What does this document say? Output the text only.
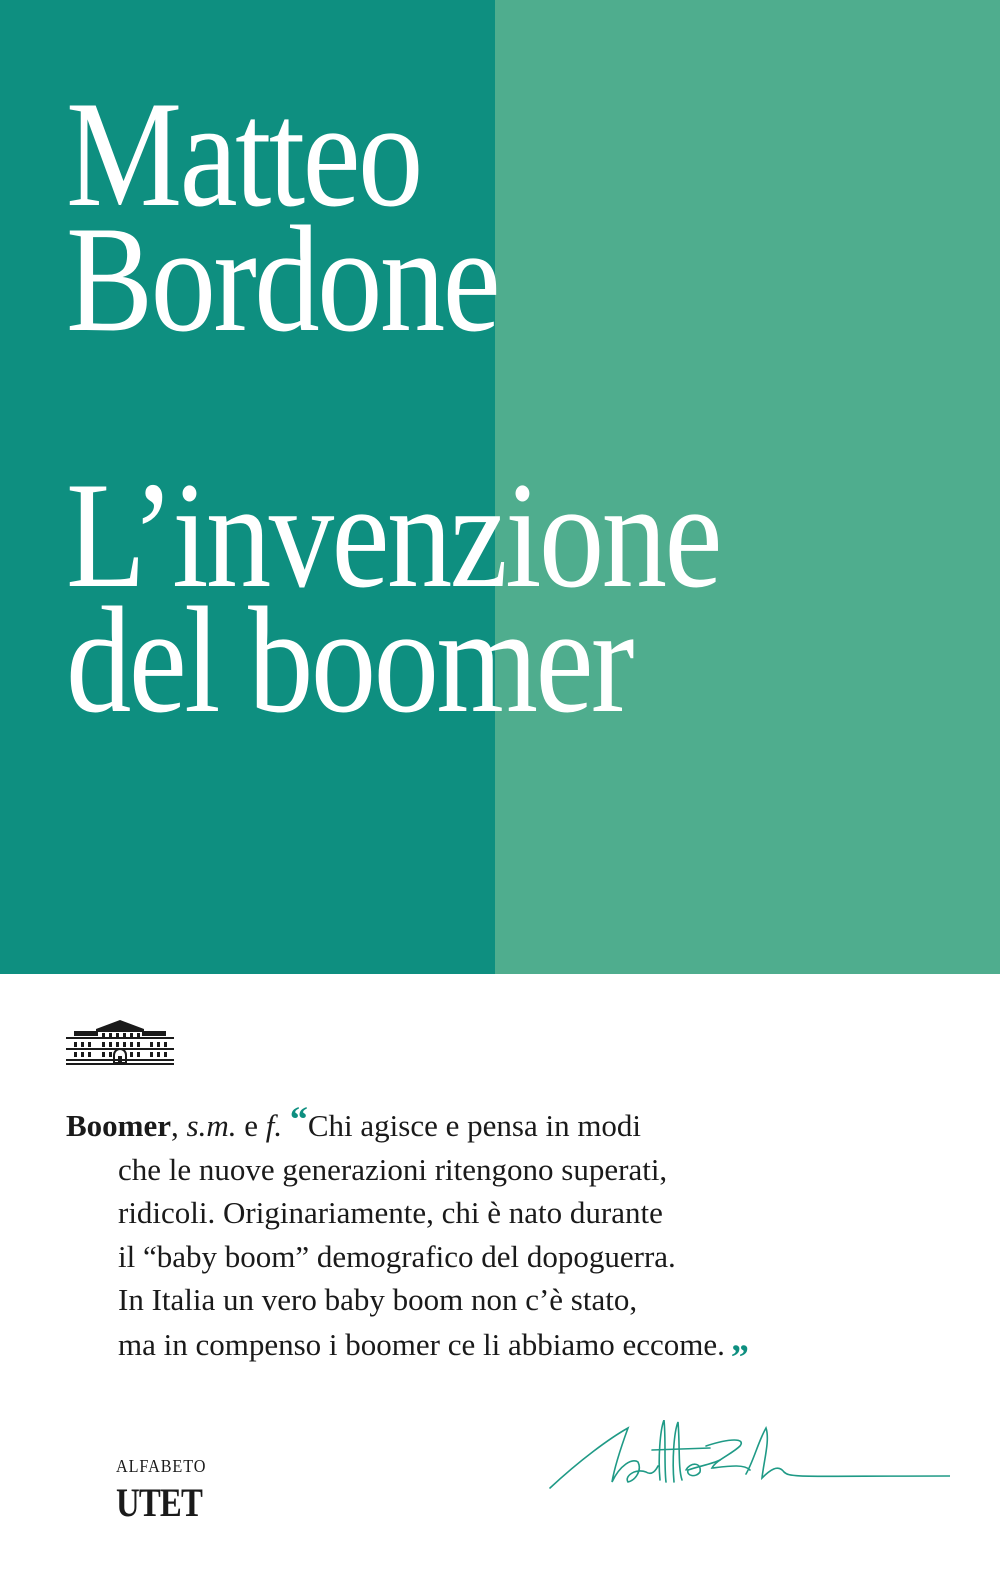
Matteo
Bordone
L’invenzione
del boomer
Boomer, s.m. e f. “Chi agisce e pensa in modi
che le nuove generazioni ritengono superati,
ridicoli. Originariamente, chi è nato durante
il “baby boom” demografico del dopoguerra.
In Italia un vero baby boom non c’è stato,
ma in compenso i boomer ce li abbiamo eccome. ”
ALFABETO
UTET
